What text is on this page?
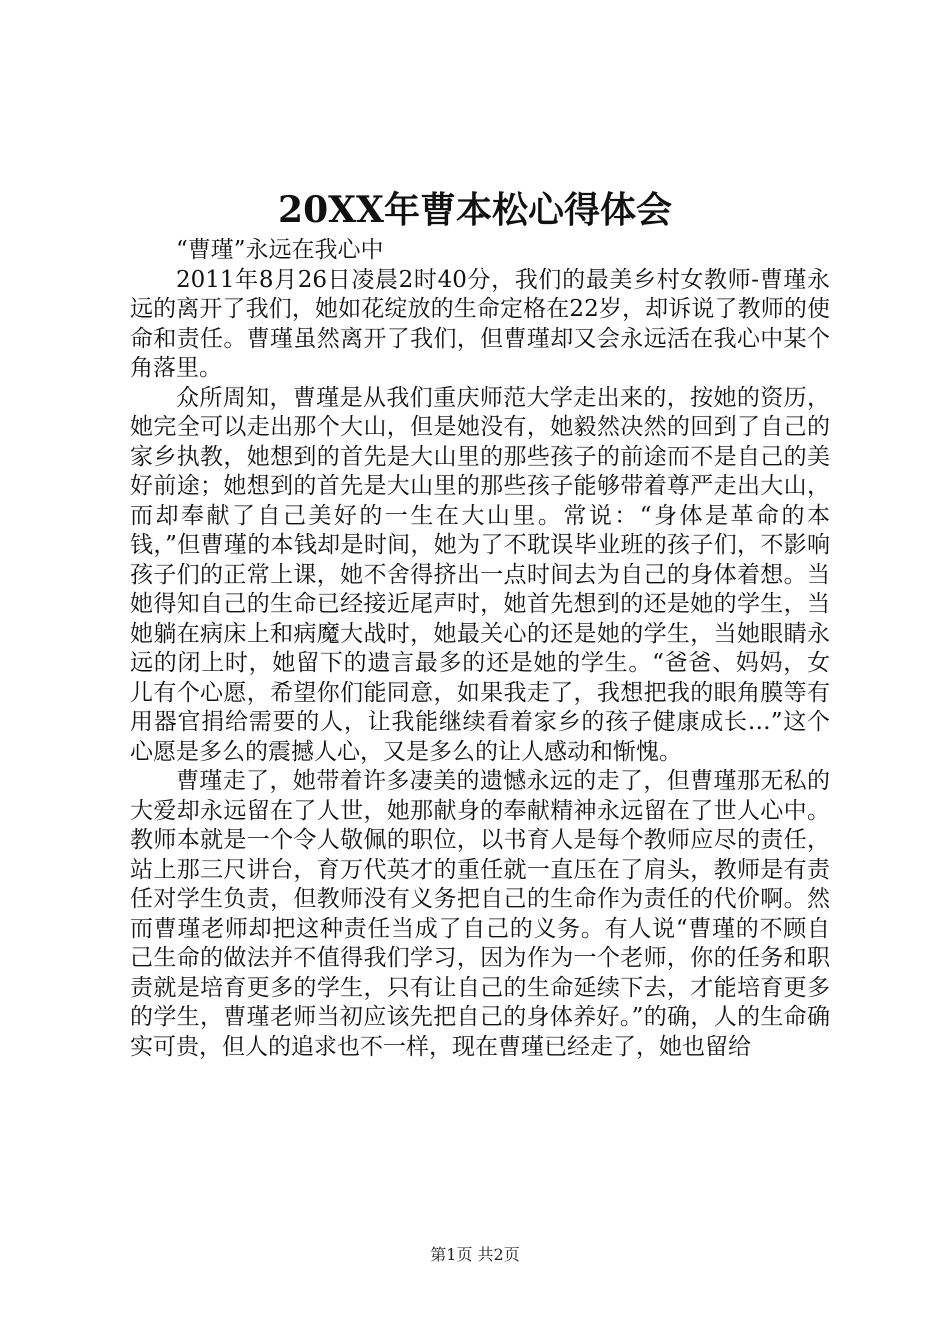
20XX年曹本松心得体会

“曹瑾”永远在我心中

2011年8月26日凌晨2时40分，我们的最美乡村女教师-曹瑾永远的离开了我们，她如花绽放的生命定格在22岁，却诉说了教师的使命和责任。曹瑾虽然离开了我们，但曹瑾却又会永远活在我心中某个角落里。

众所周知，曹瑾是从我们重庆师范大学走出来的，按她的资历，她完全可以走出那个大山，但是她没有，她毅然决然的回到了自己的家乡执教，她想到的首先是大山里的那些孩子的前途而不是自己的美好前途；她想到的首先是大山里的那些孩子能够带着尊严走出大山，而却奉献了自己美好的一生在大山里。常说：“身体是革命的本钱，”但曹瑾的本钱却是时间，她为了不耽误毕业班的孩子们，不影响孩子们的正常上课，她不舍得挤出一点时间去为自己的身体着想。当她得知自己的生命已经接近尾声时，她首先想到的还是她的学生，当她躺在病床上和病魔大战时，她最关心的还是她的学生，当她眼睛永远的闭上时，她留下的遗言最多的还是她的学生。“爸爸、妈妈，女儿有个心愿，希望你们能同意，如果我走了，我想把我的眼角膜等有用器官捐给需要的人，让我能继续看着家乡的孩子健康成长…”这个心愿是多么的震撼人心，又是多么的让人感动和惭愧。

曹瑾走了，她带着许多凄美的遗憾永远的走了，但曹瑾那无私的大爱却永远留在了人世，她那献身的奉献精神永远留在了世人心中。教师本就是一个令人敬佩的职位，以书育人是每个教师应尽的责任，站上那三尺讲台，育万代英才的重任就一直压在了肩头，教师是有责任对学生负责，但教师没有义务把自己的生命作为责任的代价啊。然而曹瑾老师却把这种责任当成了自己的义务。有人说“曹瑾的不顾自己生命的做法并不值得我们学习，因为作为一个老师，你的任务和职责就是培育更多的学生，只有让自己的生命延续下去，才能培育更多的学生，曹瑾老师当初应该先把自己的身体养好。”的确，人的生命确实可贵，但人的追求也不一样，现在曹瑾已经走了，她也留给

第1页 共2页
